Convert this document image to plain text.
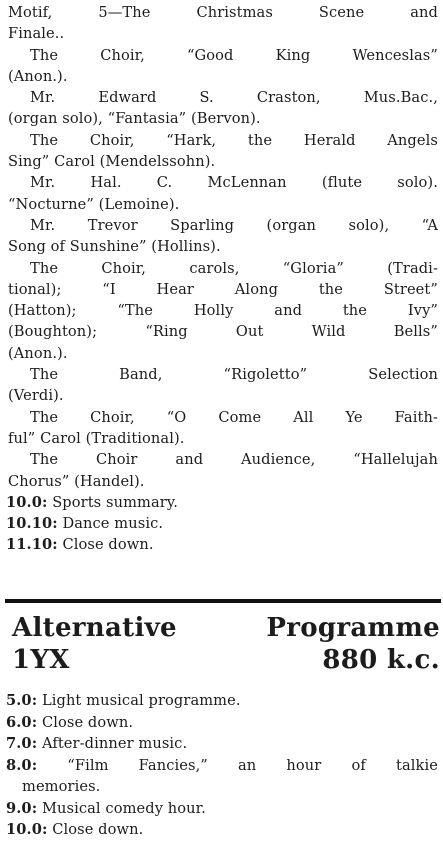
Motif,	5—The	Christmas	Scene	and
Finale..
The	Choir,	“Good	King	Wenceslas”
(Anon.).
Mr.	Edward	S.	Craston,	Mus.Bac.,
(organ solo), “Fantasia” (Bervon).
The Choir, “Hark, the Herald Angels
Sing” Carol (Mendelssohn).
Mr. Hal. C. McLennan (flute solo).
“Nocturne” (Lemoine).
Mr. Trevor Sparling (organ solo), “A
Song of Sunshine” (Hollins).
The	Choir,	carols,	“Gloria”	(Tradi-
tional);	“I	Hear	Along	the	Street”
(Hatton);	“The	Holly	and	the	Ivy”
(Boughton);	“Ring	Out	Wild	Bells”
(Anon.).
The	Band,	“Rigoletto”	Selection
(Verdi).
The Choir, “O Come All Ye Faith-
ful” Carol (Traditional).
The	Choir	and	Audience,	“Hallelujah
Chorus” (Handel).
10.0: Sports summary.
10.10: Dance music.
11.10: Close down.
Alternative	Programme
1YX	880 k.c.
5.0: Light musical programme.
6.0: Close down.
7.0: After-dinner music.
8.0: “Film Fancies,” an hour of talkie
memories.
9.0: Musical comedy hour.
10.0: Close down.
